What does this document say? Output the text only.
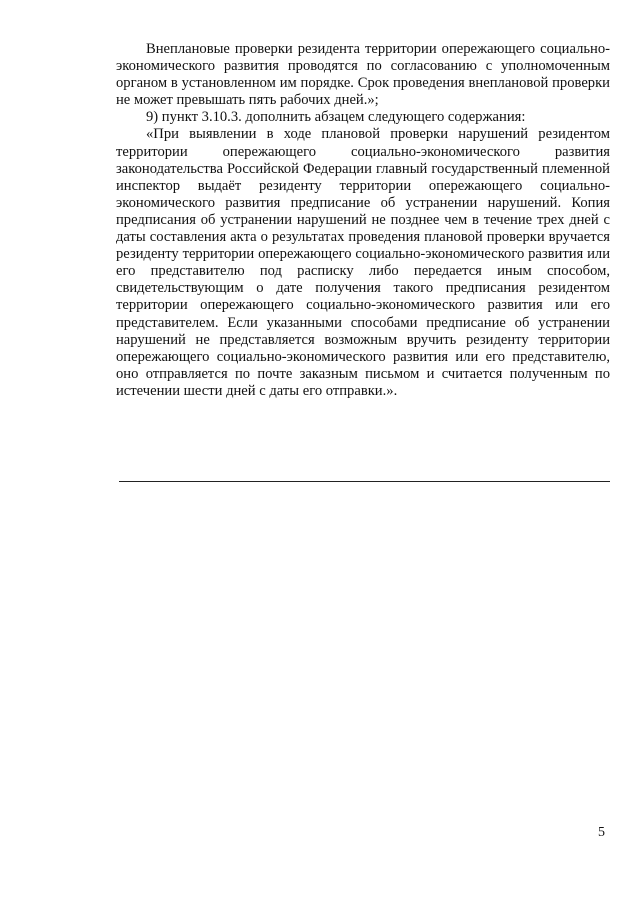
Внеплановые проверки резидента территории опережающего социально-экономического развития проводятся по согласованию с уполномоченным органом в установленном им порядке. Срок проведения внеплановой проверки не может превышать пять рабочих дней.»;

9) пункт 3.10.3. дополнить абзацем следующего содержания:

«При выявлении в ходе плановой проверки нарушений резидентом территории опережающего социально-экономического развития законодательства Российской Федерации главный государственный племенной инспектор выдаёт резиденту территории опережающего социально-экономического развития предписание об устранении нарушений. Копия предписания об устранении нарушений не позднее чем в течение трех дней с даты составления акта о результатах проведения плановой проверки вручается резиденту территории опережающего социально-экономического развития или его представителю под расписку либо передается иным способом, свидетельствующим о дате получения такого предписания резидентом территории опережающего социально-экономического развития или его представителем. Если указанными способами предписание об устранении нарушений не представляется возможным вручить резиденту территории опережающего социально-экономического развития или его представителю, оно отправляется по почте заказным письмом и считается полученным по истечении шести дней с даты его отправки.».

5
